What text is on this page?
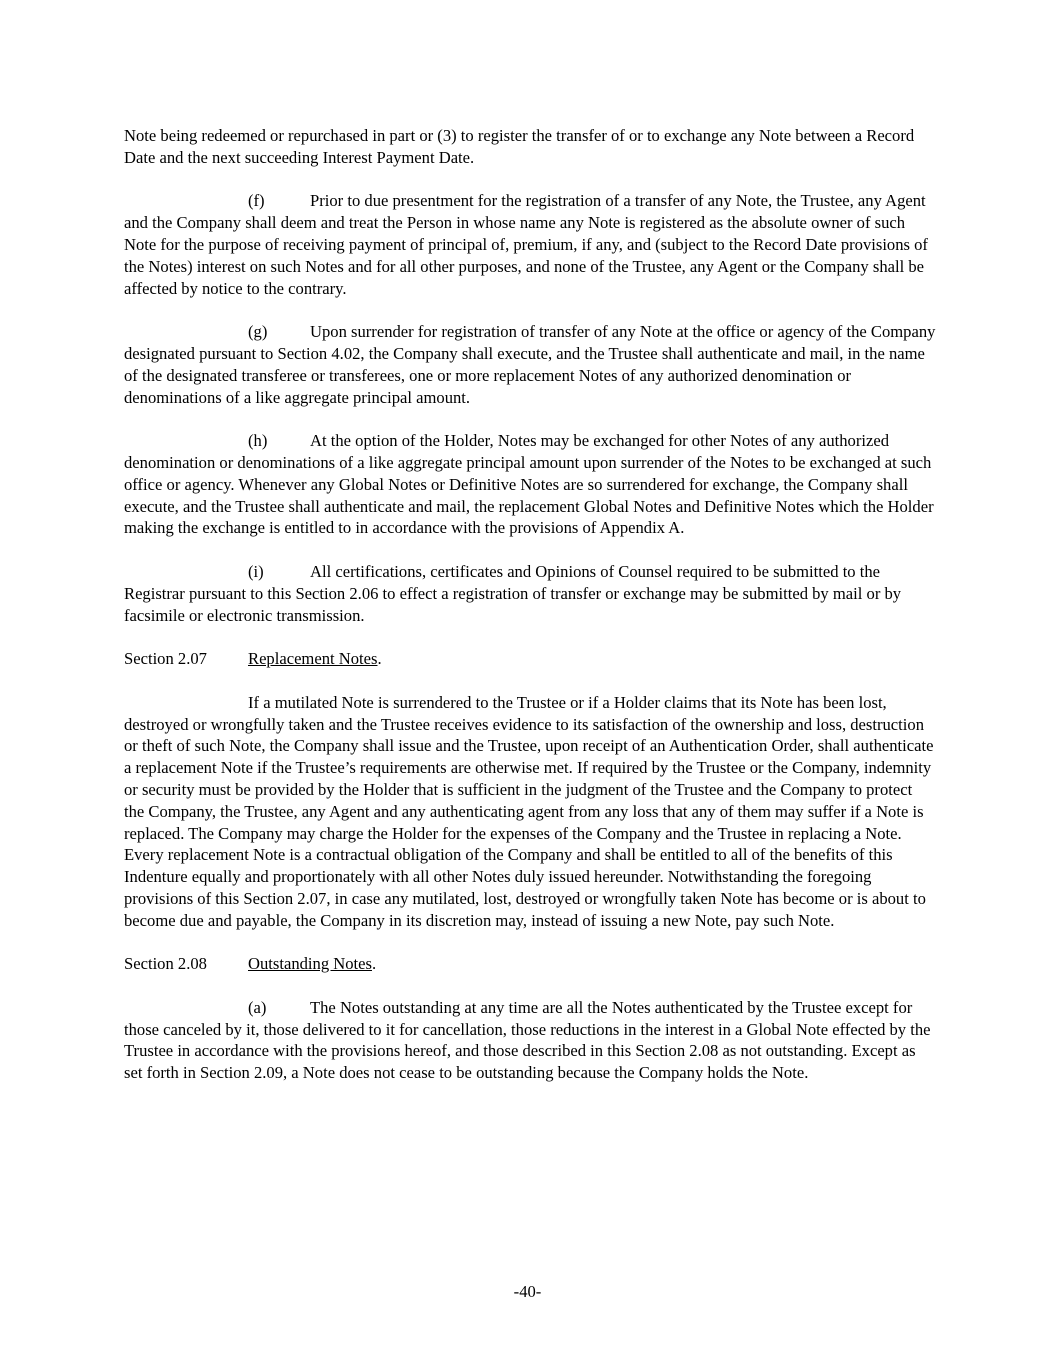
Note being redeemed or repurchased in part or (3) to register the transfer of or to exchange any Note between a Record Date and the next succeeding Interest Payment Date.

(f)	Prior to due presentment for the registration of a transfer of any Note, the Trustee, any Agent and the Company shall deem and treat the Person in whose name any Note is registered as the absolute owner of such Note for the purpose of receiving payment of principal of, premium, if any, and (subject to the Record Date provisions of the Notes) interest on such Notes and for all other purposes, and none of the Trustee, any Agent or the Company shall be affected by notice to the contrary.

(g)	Upon surrender for registration of transfer of any Note at the office or agency of the Company designated pursuant to Section 4.02, the Company shall execute, and the Trustee shall authenticate and mail, in the name of the designated transferee or transferees, one or more replacement Notes of any authorized denomination or denominations of a like aggregate principal amount.

(h)	At the option of the Holder, Notes may be exchanged for other Notes of any authorized denomination or denominations of a like aggregate principal amount upon surrender of the Notes to be exchanged at such office or agency. Whenever any Global Notes or Definitive Notes are so surrendered for exchange, the Company shall execute, and the Trustee shall authenticate and mail, the replacement Global Notes and Definitive Notes which the Holder making the exchange is entitled to in accordance with the provisions of Appendix A.

(i)	All certifications, certificates and Opinions of Counsel required to be submitted to the Registrar pursuant to this Section 2.06 to effect a registration of transfer or exchange may be submitted by mail or by facsimile or electronic transmission.

Section 2.07 Replacement Notes.

If a mutilated Note is surrendered to the Trustee or if a Holder claims that its Note has been lost, destroyed or wrongfully taken and the Trustee receives evidence to its satisfaction of the ownership and loss, destruction or theft of such Note, the Company shall issue and the Trustee, upon receipt of an Authentication Order, shall authenticate a replacement Note if the Trustee’s requirements are otherwise met. If required by the Trustee or the Company, indemnity or security must be provided by the Holder that is sufficient in the judgment of the Trustee and the Company to protect the Company, the Trustee, any Agent and any authenticating agent from any loss that any of them may suffer if a Note is replaced. The Company may charge the Holder for the expenses of the Company and the Trustee in replacing a Note. Every replacement Note is a contractual obligation of the Company and shall be entitled to all of the benefits of this Indenture equally and proportionately with all other Notes duly issued hereunder. Notwithstanding the foregoing provisions of this Section 2.07, in case any mutilated, lost, destroyed or wrongfully taken Note has become or is about to become due and payable, the Company in its discretion may, instead of issuing a new Note, pay such Note.

Section 2.08 Outstanding Notes.

(a)	The Notes outstanding at any time are all the Notes authenticated by the Trustee except for those canceled by it, those delivered to it for cancellation, those reductions in the interest in a Global Note effected by the Trustee in accordance with the provisions hereof, and those described in this Section 2.08 as not outstanding. Except as set forth in Section 2.09, a Note does not cease to be outstanding because the Company holds the Note.

-40-
